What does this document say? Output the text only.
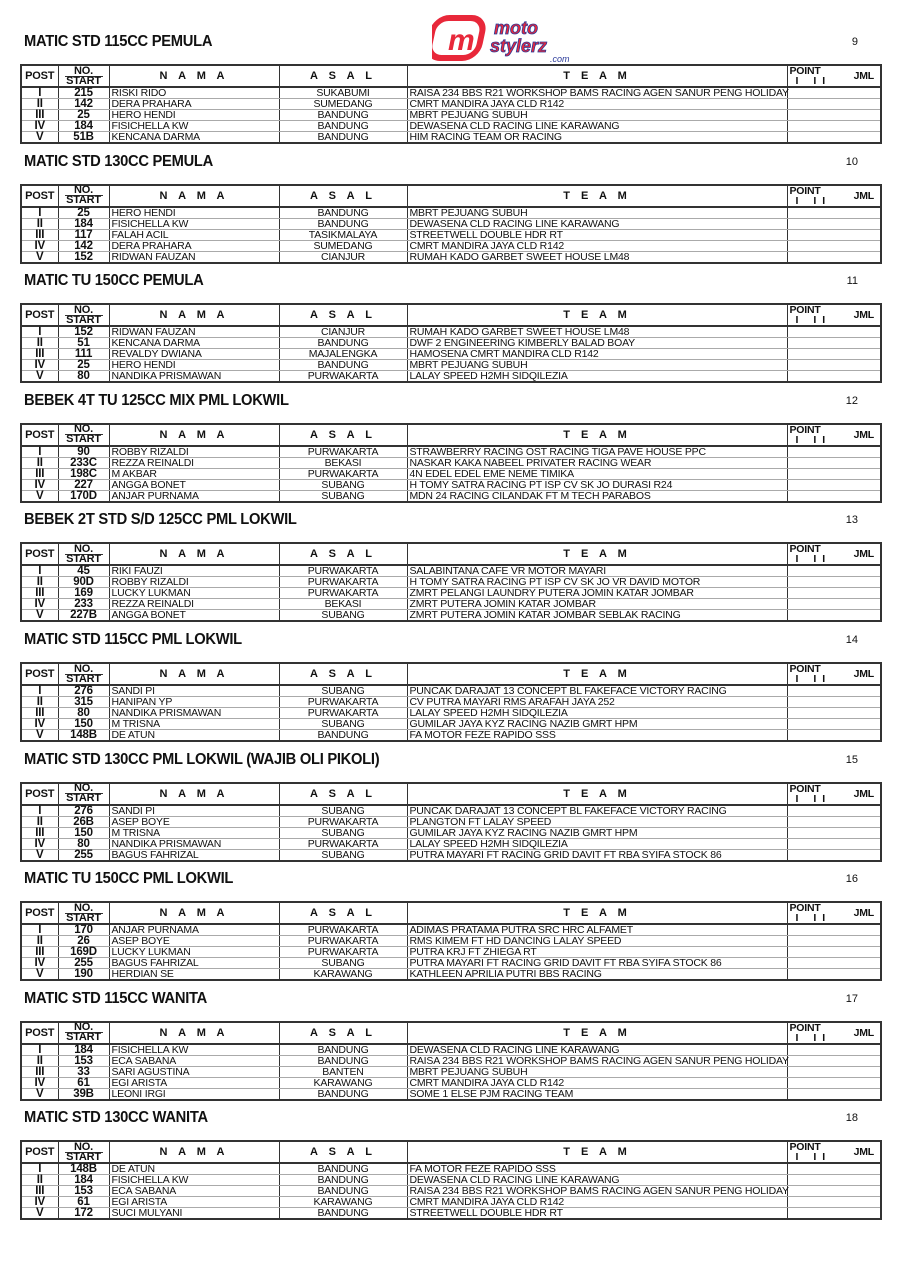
m moto
stylerz
.com
MATIC STD 115CC PEMULA	9
POST	NO.
START	N A M A	A S A L	T E A M	POINT
I II JML

I	215	RISKI RIDO	SUKABUMI	RAISA 234 BBS R21 WORKSHOP BAMS RACING AGEN SANUR PENG HOLIDAY	
II	142	DERA PRAHARA	SUMEDANG	CMRT MANDIRA JAYA CLD R142	
III	25	HERO HENDI	BANDUNG	MBRT PEJUANG SUBUH	
IV	184	FISICHELLA KW	BANDUNG	DEWASENA CLD RACING LINE KARAWANG	
V	51B	KENCANA DARMA	BANDUNG	HIM RACING TEAM OR RACING	
MATIC STD 130CC PEMULA	10
POST	NO.
START	N A M A	A S A L	T E A M	POINT
I II JML

I	25	HERO HENDI	BANDUNG	MBRT PEJUANG SUBUH	
II	184	FISICHELLA KW	BANDUNG	DEWASENA CLD RACING LINE KARAWANG	
III	117	FALAH ACIL	TASIKMALAYA	STREETWELL DOUBLE HDR RT	
IV	142	DERA PRAHARA	SUMEDANG	CMRT MANDIRA JAYA CLD R142	
V	152	RIDWAN FAUZAN	CIANJUR	RUMAH KADO GARBET SWEET HOUSE LM48	
MATIC TU 150CC PEMULA	11
POST	NO.
START	N A M A	A S A L	T E A M	POINT
I II JML

I	152	RIDWAN FAUZAN	CIANJUR	RUMAH KADO GARBET SWEET HOUSE LM48	
II	51	KENCANA DARMA	BANDUNG	DWF 2 ENGINEERING KIMBERLY BALAD BOAY	
III	111	REVALDY DWIANA	MAJALENGKA	HAMOSENA CMRT MANDIRA CLD R142	
IV	25	HERO HENDI	BANDUNG	MBRT PEJUANG SUBUH	
V	80	NANDIKA PRISMAWAN	PURWAKARTA	LALAY SPEED H2MH SIDQILEZIA	
BEBEK 4T TU 125CC MIX PML LOKWIL	12
POST	NO.
START	N A M A	A S A L	T E A M	POINT
I II JML

I	90	ROBBY RIZALDI	PURWAKARTA	STRAWBERRY RACING OST RACING TIGA PAVE HOUSE PPC	
II	233C	REZZA REINALDI	BEKASI	NASKAR KAKA NABEEL PRIVATER RACING WEAR	
III	198C	M AKBAR	PURWAKARTA	4N EDEL EDEL EME NEME TIMIKA	
IV	227	ANGGA BONET	SUBANG	H TOMY SATRA RACING PT ISP CV SK JO DURASI R24	
V	170D	ANJAR PURNAMA	SUBANG	MDN 24 RACING CILANDAK FT M TECH PARABOS	
BEBEK 2T STD S/D 125CC PML LOKWIL	13
POST	NO.
START	N A M A	A S A L	T E A M	POINT
I II JML

I	45	RIKI FAUZI	PURWAKARTA	SALABINTANA CAFE VR MOTOR MAYARI	
II	90D	ROBBY RIZALDI	PURWAKARTA	H TOMY SATRA RACING PT ISP CV SK JO VR DAVID MOTOR	
III	169	LUCKY LUKMAN	PURWAKARTA	ZMRT PELANGI LAUNDRY PUTERA JOMIN KATAR JOMBAR	
IV	233	REZZA REINALDI	BEKASI	ZMRT PUTERA JOMIN KATAR JOMBAR	
V	227B	ANGGA BONET	SUBANG	ZMRT PUTERA JOMIN KATAR JOMBAR SEBLAK RACING	
MATIC STD 115CC PML LOKWIL	14
POST	NO.
START	N A M A	A S A L	T E A M	POINT
I II JML

I	276	SANDI PI	SUBANG	PUNCAK DARAJAT 13 CONCEPT BL FAKEFACE VICTORY RACING	
II	315	HANIPAN YP	PURWAKARTA	CV PUTRA MAYARI RMS ARAFAH JAYA 252	
III	80	NANDIKA PRISMAWAN	PURWAKARTA	LALAY SPEED H2MH SIDQILEZIA	
IV	150	M TRISNA	SUBANG	GUMILAR JAYA KYZ RACING NAZIB GMRT HPM	
V	148B	DE ATUN	BANDUNG	FA MOTOR FEZE RAPIDO SSS	
MATIC STD 130CC PML LOKWIL (WAJIB OLI PIKOLI)	15
POST	NO.
START	N A M A	A S A L	T E A M	POINT
I II JML

I	276	SANDI PI	SUBANG	PUNCAK DARAJAT 13 CONCEPT BL FAKEFACE VICTORY RACING	
II	26B	ASEP BOYE	PURWAKARTA	PLANGTON FT LALAY SPEED	
III	150	M TRISNA	SUBANG	GUMILAR JAYA KYZ RACING NAZIB GMRT HPM	
IV	80	NANDIKA PRISMAWAN	PURWAKARTA	LALAY SPEED H2MH SIDQILEZIA	
V	255	BAGUS FAHRIZAL	SUBANG	PUTRA MAYARI FT RACING GRID DAVIT FT RBA SYIFA STOCK 86	
MATIC TU 150CC PML LOKWIL	16
POST	NO.
START	N A M A	A S A L	T E A M	POINT
I II JML

I	170	ANJAR PURNAMA	PURWAKARTA	ADIMAS PRATAMA PUTRA SRC HRC ALFAMET	
II	26	ASEP BOYE	PURWAKARTA	RMS KIMEM FT HD DANCING LALAY SPEED	
III	169D	LUCKY LUKMAN	PURWAKARTA	PUTRA KRJ FT ZHIEGA RT	
IV	255	BAGUS FAHRIZAL	SUBANG	PUTRA MAYARI FT RACING GRID DAVIT FT RBA SYIFA STOCK 86	
V	190	HERDIAN SE	KARAWANG	KATHLEEN APRILIA PUTRI BBS RACING	
MATIC STD 115CC WANITA	17
POST	NO.
START	N A M A	A S A L	T E A M	POINT
I II JML

I	184	FISICHELLA KW	BANDUNG	DEWASENA CLD RACING LINE KARAWANG	
II	153	ECA SABANA	BANDUNG	RAISA 234 BBS R21 WORKSHOP BAMS RACING AGEN SANUR PENG HOLIDAY	
III	33	SARI AGUSTINA	BANTEN	MBRT PEJUANG SUBUH	
IV	61	EGI ARISTA	KARAWANG	CMRT MANDIRA JAYA CLD R142	
V	39B	LEONI IRGI	BANDUNG	SOME 1 ELSE PJM RACING TEAM	
MATIC STD 130CC WANITA	18
POST	NO.
START	N A M A	A S A L	T E A M	POINT
I II JML

I	148B	DE ATUN	BANDUNG	FA MOTOR FEZE RAPIDO SSS	
II	184	FISICHELLA KW	BANDUNG	DEWASENA CLD RACING LINE KARAWANG	
III	153	ECA SABANA	BANDUNG	RAISA 234 BBS R21 WORKSHOP BAMS RACING AGEN SANUR PENG HOLIDAY	
IV	61	EGI ARISTA	KARAWANG	CMRT MANDIRA JAYA CLD R142	
V	172	SUCI MULYANI	BANDUNG	STREETWELL DOUBLE HDR RT	
